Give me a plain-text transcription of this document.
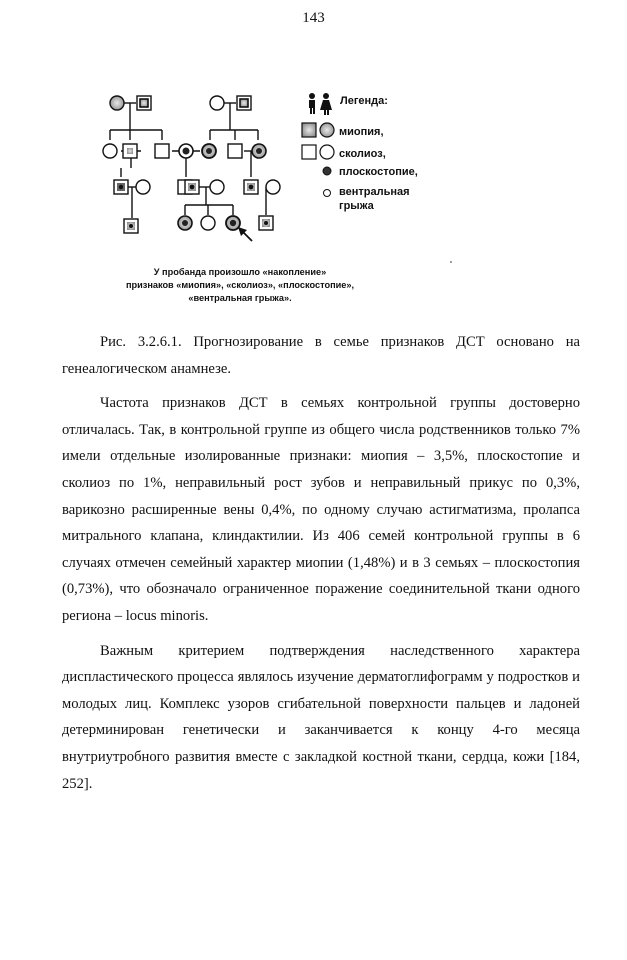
143
Легенда:
миопия,
сколиоз,
плоскостопие,
вентральная
грыжа
У пробанда произошло «накопление»
признаков «миопия», «сколиоз», «плоскостопие»,
«вентральная грыжа».

Рис. 3.2.6.1. Прогнозирование в семье признаков ДСТ основано на генеалогическом анамнезе.

Частота признаков ДСТ в семьях контрольной группы достоверно отличалась. Так, в контрольной группе из общего числа родственников только 7% имели отдельные изолированные признаки: миопия – 3,5%, плоскостопие и сколиоз по 1%, неправильный рост зубов и неправильный прикус по 0,3%, варикозно расширенные вены 0,4%, по одному случаю астигматизма, пролапса митрального клапана, клиндактилии. Из 406 семей контрольной группы в 6 случаях отмечен семейный характер миопии (1,48%) и в 3 семьях – плоскостопия (0,73%), что обозначало ограниченное поражение соединительной ткани одного региона – locus minoris.

Важным критерием подтверждения наследственного характера диспластического процесса являлось изучение дерматоглифограмм у подростков и молодых лиц. Комплекс узоров сгибательной поверхности пальцев и ладоней детерминирован генетически и заканчивается к концу 4-го месяца внутриутробного развития вместе с закладкой костной ткани, сердца, кожи [184, 252].
